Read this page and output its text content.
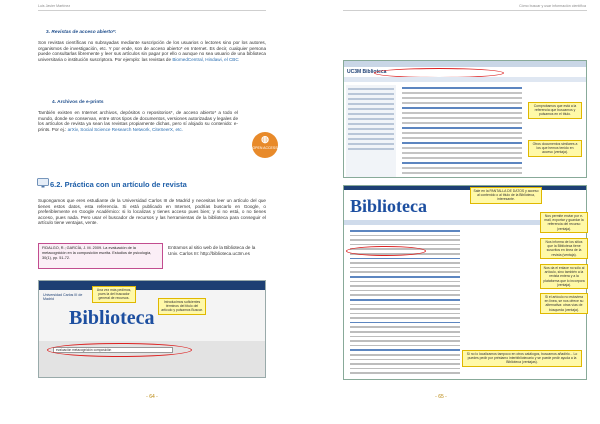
Luis Javier Martínez
3. Revistas de acceso abierto*:
Son revistas científicas no subrayadas mediante suscripción de los usuarios o lectores sino por los autores, organismos de investigación, etc. Y por ende, son de acceso abierto* en Internet. Es decir, cualquier persona puede consultarlas libremente y leer sus artículos sin pagar por ello o aunque no sea usuario de una biblioteca universitaria o institución suscriptora. Por ejemplo: las revistas de BiomedCentral, Hindawi, el CBC
4. Archivos de e-prints
También existen en Internet archivos, depósitos o repositorios*, de acceso abierto* a todo el mundo, donde se conservan, entre otros tipos de documentos, versiones autorizadas y legales de los artículos de revista ya sean las revistas propiamente dichas, pero sí alojado su contenido: e-prints. Por ej.: arXiv, Social Science Research Network, CiteSeerX, etc.
◍
OPEN ACCESS
6.2. Práctica con un artículo de revista
Supongamos que eres estudiante de la Universidad Carlos III de Madrid y necesitas leer un artículo del que tienes estos datos, esta referencia. Si está publicado en Internet, podrías buscarlo en Google, o preferiblemente en Google Académico: si lo localizas y tienes acceso pues bien; y si no está, o no tienes acceso, pues nada. Pero usar el buscador de recursos y las herramientas de la biblioteca para conseguir el artículo tiene ventajas, vente.
FIDALGO, R.; GARCÍA, J. M. 2009. La evaluación de la metacognición en la composición escrita. Estudios de psicología, 30(1), pp. 51-72.
Entramos al sitio web de la Biblioteca de la Univ. Carlos III: http://biblioteca.uc3m.es
Universidad Carlos III de Madrid
Biblioteca
evaluación metacognición composición
Una vez más pedimos, pues la del buscador general de recursos.
Introducimos suficientes términos del título del artículo y pulsamos Buscar.
- 64 -
Cómo buscar y usar información científica
- 65 -
UC3M Biblioteca
Comprobamos que está a la referencia que buscamos y pulsamos en el título.
Otros documentos similares a los que hemos tenido en acceso (ventaja).
Biblioteca
Sale en la PANTALLA DE DATOS y acceso al contenido o al título de la Biblioteca, interesante.
Nos permite enviar por e-mail, exportar y guardar la referencia del recurso (ventaja).
Nos informa de los sitios que la Biblioteca tiene suscritos en línea de la revista (ventaja).
Nos da el enlace no sólo al artículo, sino también a la revista entera y a la plataforma que lo incorpora (ventaja).
Si el artículo no estuviera en línea, se nos ofrece su alternativa: otras vías de búsqueda (ventaja).
Si no lo localizamos tampoco en otros catálogos, buscamos añadirlo... Lo puedes pedir por préstamo interbibliotecario y se puede pedir ayuda a la Biblioteca (ventajas).
